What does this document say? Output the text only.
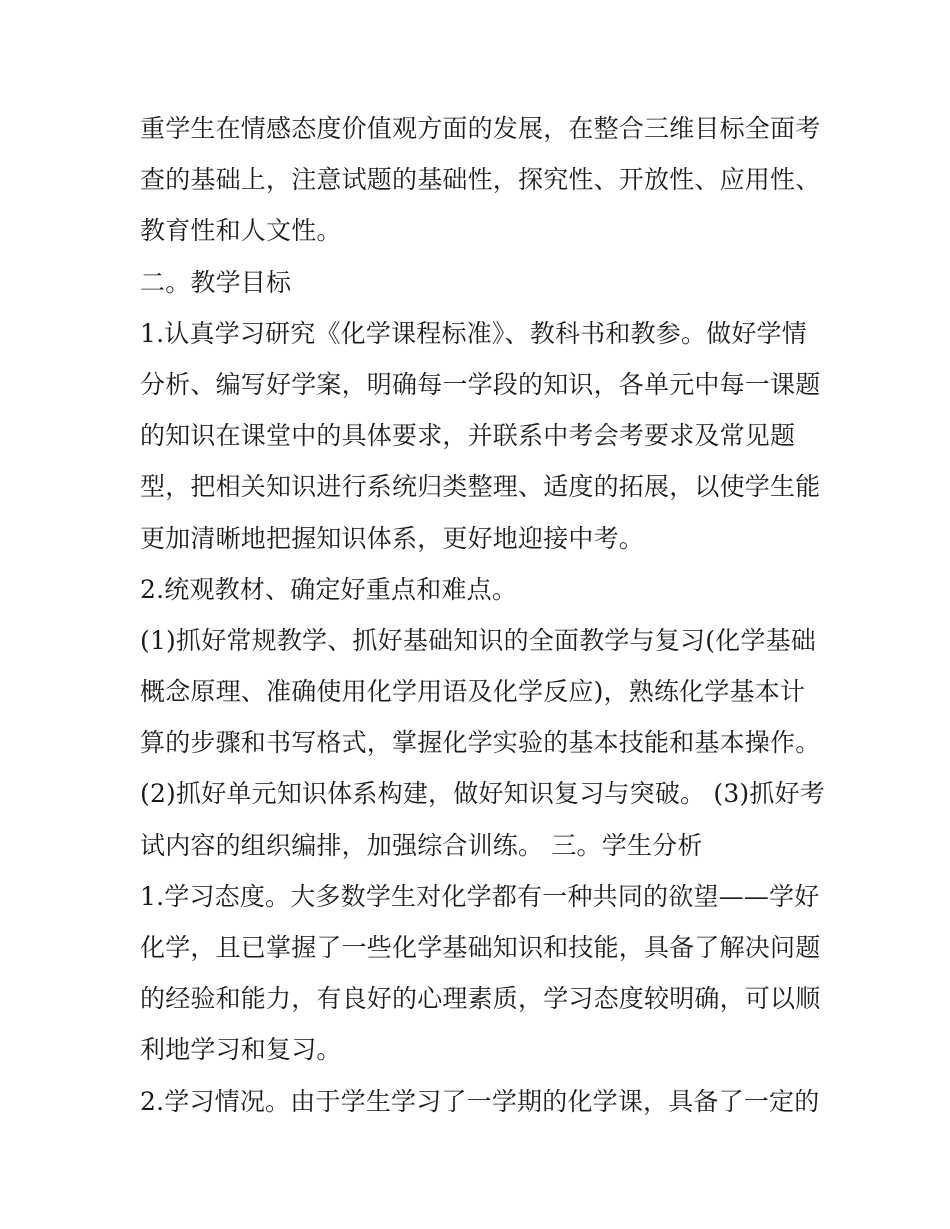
重学生在情感态度价值观方面的发展，在整合三维目标全面考
查的基础上，注意试题的基础性，探究性、开放性、应用性、
教育性和人文性。
二。教学目标
1.认真学习研究《化学课程标准》、教科书和教参。做好学情
分析、编写好学案，明确每一学段的知识，各单元中每一课题
的知识在课堂中的具体要求，并联系中考会考要求及常见题
型，把相关知识进行系统归类整理、适度的拓展，以使学生能
更加清晰地把握知识体系，更好地迎接中考。
2.统观教材、确定好重点和难点。
(1)抓好常规教学、抓好基础知识的全面教学与复习(化学基础
概念原理、准确使用化学用语及化学反应)，熟练化学基本计
算的步骤和书写格式，掌握化学实验的基本技能和基本操作。
(2)抓好单元知识体系构建，做好知识复习与突破。 (3)抓好考
试内容的组织编排，加强综合训练。 三。学生分析
1.学习态度。大多数学生对化学都有一种共同的欲望——学好
化学，且已掌握了一些化学基础知识和技能，具备了解决问题
的经验和能力，有良好的心理素质，学习态度较明确，可以顺
利地学习和复习。
2.学习情况。由于学生学习了一学期的化学课，具备了一定的
